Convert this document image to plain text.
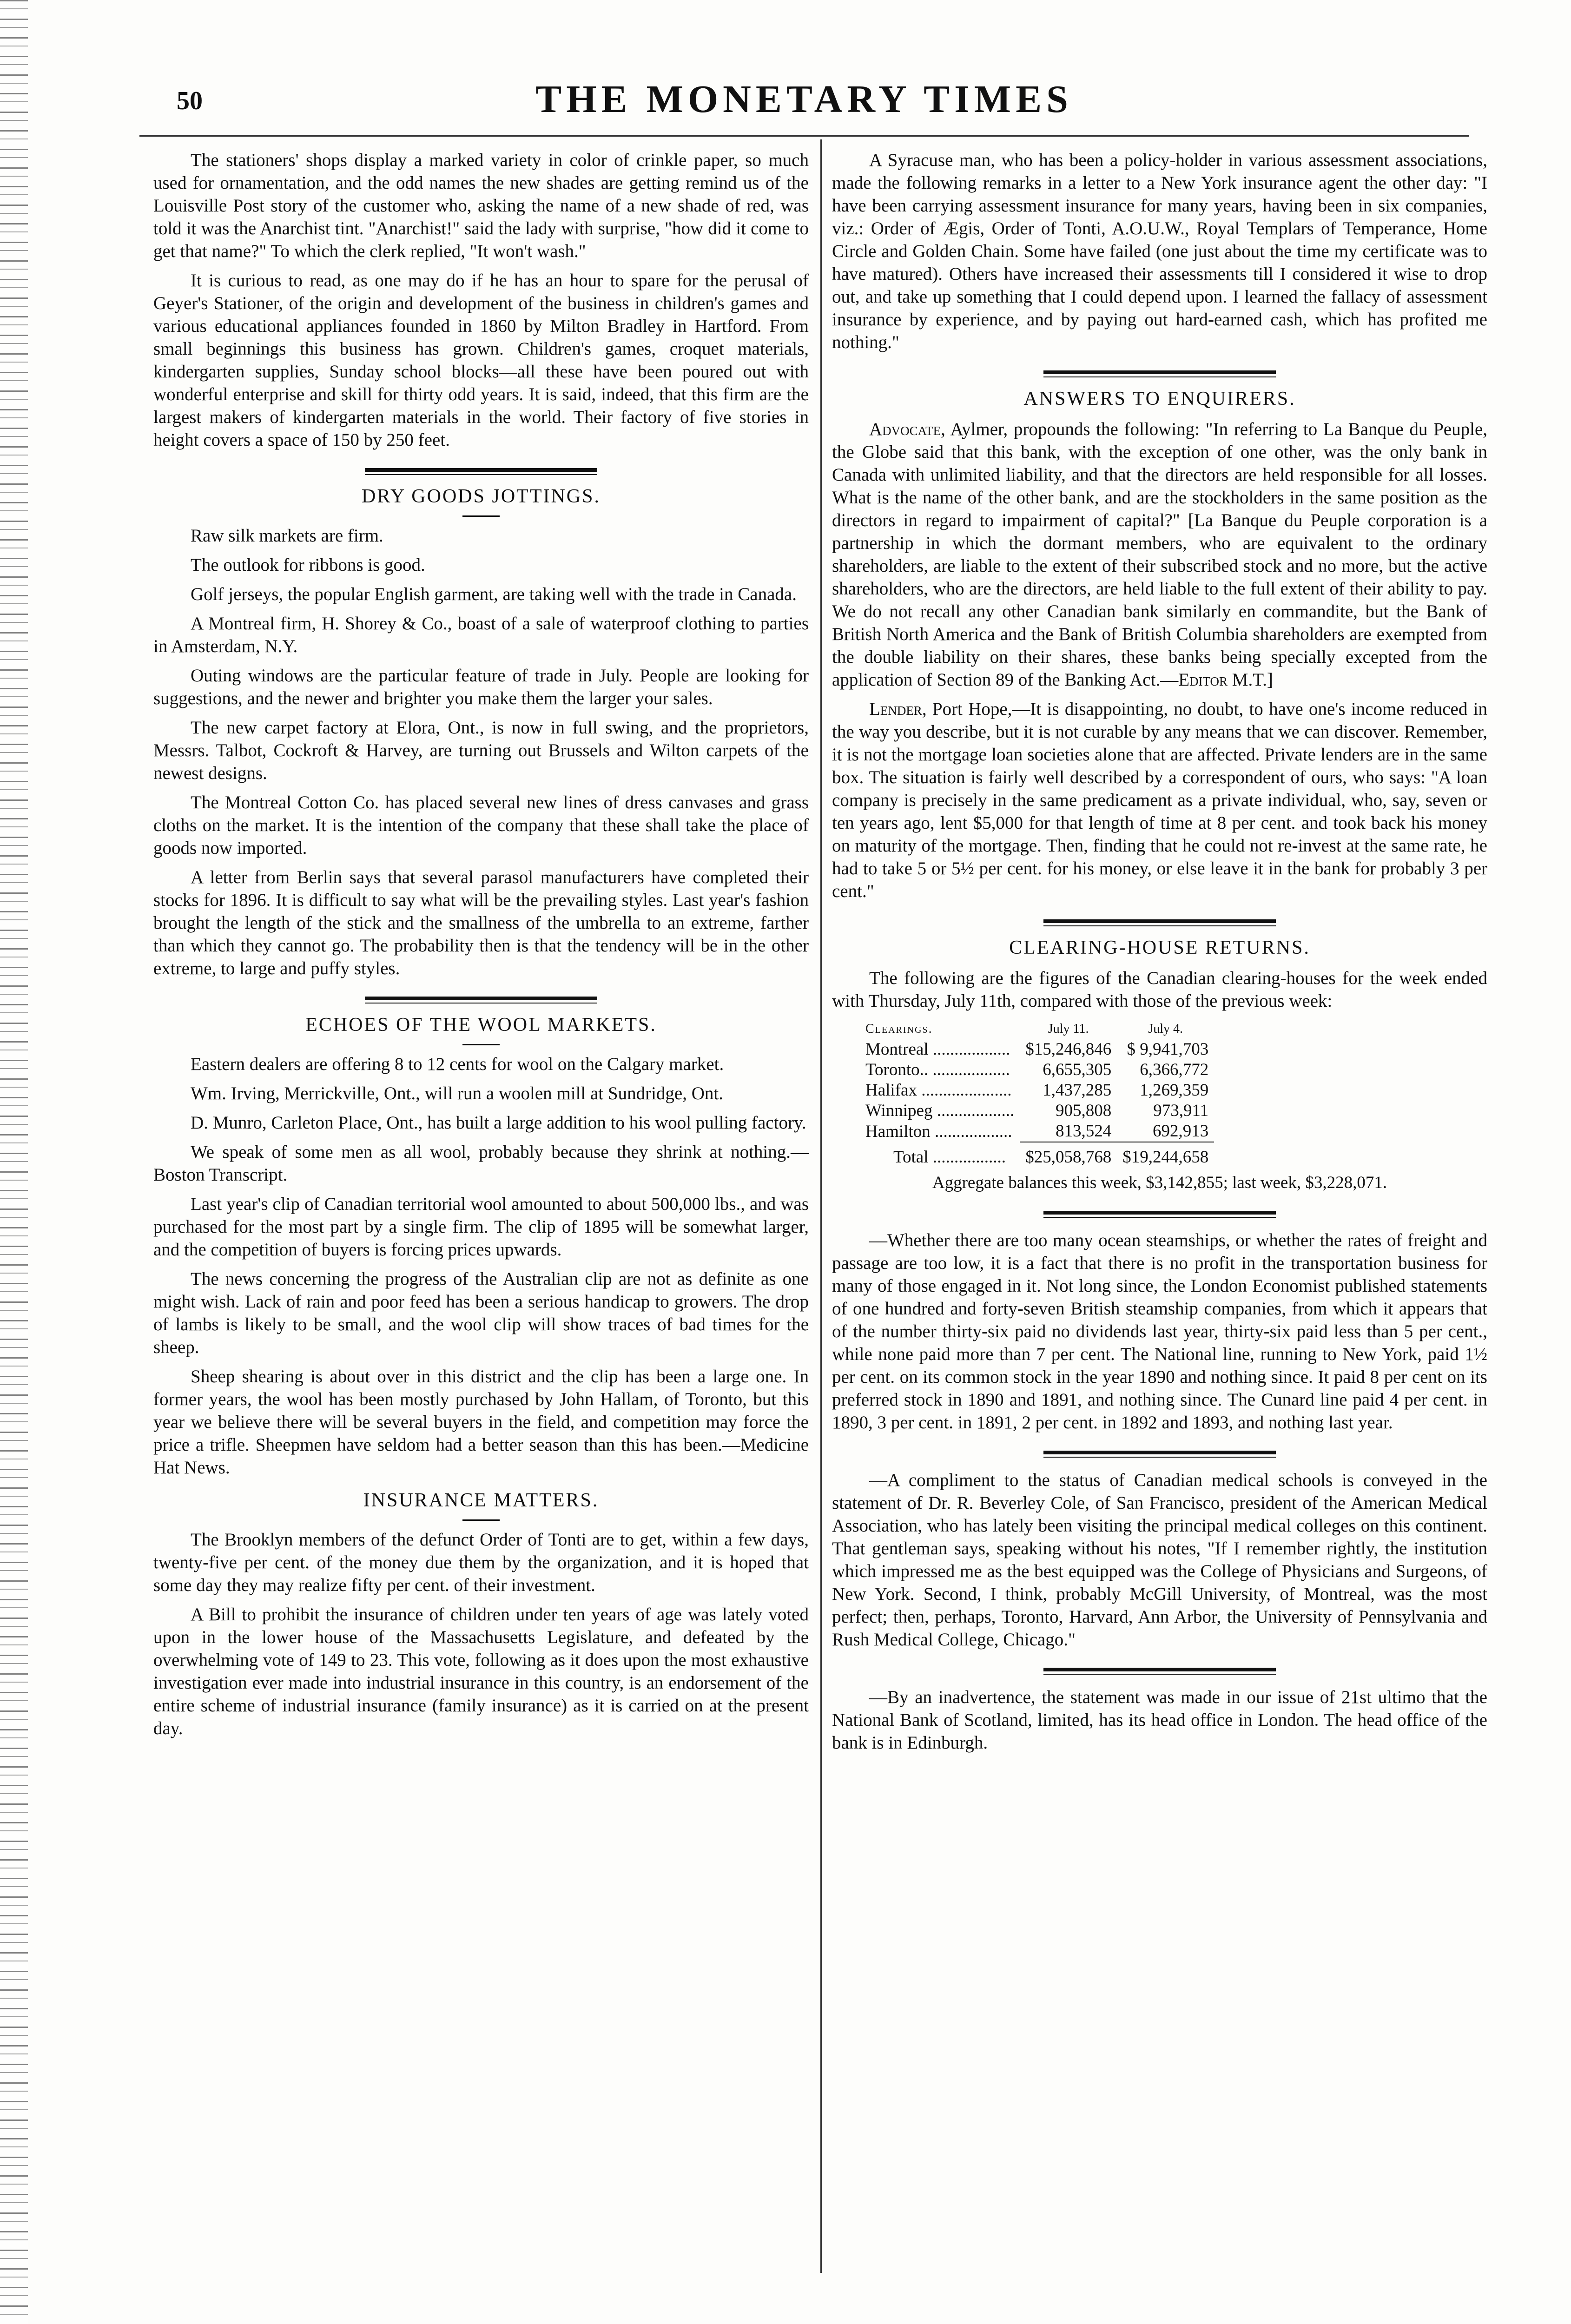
THE MONETARY TIMES
50

The stationers' shops display a marked variety in color of crinkle paper, so much used for ornamentation, and the odd names the new shades are getting remind us of the Louisville Post story of the customer who, asking the name of a new shade of red, was told it was the Anarchist tint. "Anarchist!" said the lady with surprise, "how did it come to get that name?" To which the clerk replied, "It won't wash."

It is curious to read, as one may do if he has an hour to spare for the perusal of Geyer's Stationer, of the origin and development of the business in children's games and various educational appliances founded in 1860 by Milton Bradley in Hartford. From small beginnings this business has grown. Children's games, croquet materials, kindergarten supplies, Sunday school blocks—all these have been poured out with wonderful enterprise and skill for thirty odd years. It is said, indeed, that this firm are the largest makers of kindergarten materials in the world. Their factory of five stories in height covers a space of 150 by 250 feet.

DRY GOODS JOTTINGS.

Raw silk markets are firm.

The outlook for ribbons is good.

Golf jerseys, the popular English garment, are taking well with the trade in Canada.

A Montreal firm, H. Shorey & Co., boast of a sale of waterproof clothing to parties in Amsterdam, N.Y.

Outing windows are the particular feature of trade in July. People are looking for suggestions, and the newer and brighter you make them the larger your sales.

The new carpet factory at Elora, Ont., is now in full swing, and the proprietors, Messrs. Talbot, Cockroft & Harvey, are turning out Brussels and Wilton carpets of the newest designs.

The Montreal Cotton Co. has placed several new lines of dress canvases and grass cloths on the market. It is the intention of the company that these shall take the place of goods now imported.

A letter from Berlin says that several parasol manufacturers have completed their stocks for 1896. It is difficult to say what will be the prevailing styles. Last year's fashion brought the length of the stick and the smallness of the umbrella to an extreme, farther than which they cannot go. The probability then is that the tendency will be in the other extreme, to large and puffy styles.

ECHOES OF THE WOOL MARKETS.

Eastern dealers are offering 8 to 12 cents for wool on the Calgary market.

Wm. Irving, Merrickville, Ont., will run a woolen mill at Sundridge, Ont.

D. Munro, Carleton Place, Ont., has built a large addition to his wool pulling factory.

We speak of some men as all wool, probably because they shrink at nothing.—Boston Transcript.

Last year's clip of Canadian territorial wool amounted to about 500,000 lbs., and was purchased for the most part by a single firm. The clip of 1895 will be somewhat larger, and the competition of buyers is forcing prices upwards.

The news concerning the progress of the Australian clip are not as definite as one might wish. Lack of rain and poor feed has been a serious handicap to growers. The drop of lambs is likely to be small, and the wool clip will show traces of bad times for the sheep.

Sheep shearing is about over in this district and the clip has been a large one. In former years, the wool has been mostly purchased by John Hallam, of Toronto, but this year we believe there will be several buyers in the field, and competition may force the price a trifle. Sheepmen have seldom had a better season than this has been.—Medicine Hat News.

INSURANCE MATTERS.

The Brooklyn members of the defunct Order of Tonti are to get, within a few days, twenty-five per cent. of the money due them by the organization, and it is hoped that some day they may realize fifty per cent. of their investment.

A Bill to prohibit the insurance of children under ten years of age was lately voted upon in the lower house of the Massachusetts Legislature, and defeated by the overwhelming vote of 149 to 23. This vote, following as it does upon the most exhaustive investigation ever made into industrial insurance in this country, is an endorsement of the entire scheme of industrial insurance (family insurance) as it is carried on at the present day.

A Syracuse man, who has been a policy-holder in various assessment associations, made the following remarks in a letter to a New York insurance agent the other day: "I have been carrying assessment insurance for many years, having been in six companies, viz.: Order of Ægis, Order of Tonti, A.O.U.W., Royal Templars of Temperance, Home Circle and Golden Chain. Some have failed (one just about the time my certificate was to have matured). Others have increased their assessments till I considered it wise to drop out, and take up something that I could depend upon. I learned the fallacy of assessment insurance by experience, and by paying out hard-earned cash, which has profited me nothing."

ANSWERS TO ENQUIRERS.

Advocate, Aylmer, propounds the following: "In referring to La Banque du Peuple, the Globe said that this bank, with the exception of one other, was the only bank in Canada with unlimited liability, and that the directors are held responsible for all losses. What is the name of the other bank, and are the stockholders in the same position as the directors in regard to impairment of capital?" [La Banque du Peuple corporation is a partnership in which the dormant members, who are equivalent to the ordinary shareholders, are liable to the extent of their subscribed stock and no more, but the active shareholders, who are the directors, are held liable to the full extent of their ability to pay. We do not recall any other Canadian bank similarly en commandite, but the Bank of British North America and the Bank of British Columbia shareholders are exempted from the double liability on their shares, these banks being specially excepted from the application of Section 89 of the Banking Act.—Editor M.T.]

Lender, Port Hope,—It is disappointing, no doubt, to have one's income reduced in the way you describe, but it is not curable by any means that we can discover. Remember, it is not the mortgage loan societies alone that are affected. Private lenders are in the same box. The situation is fairly well described by a correspondent of ours, who says: "A loan company is precisely in the same predicament as a private individual, who, say, seven or ten years ago, lent $5,000 for that length of time at 8 per cent. and took back his money on maturity of the mortgage. Then, finding that he could not re-invest at the same rate, he had to take 5 or 5½ per cent. for his money, or else leave it in the bank for probably 3 per cent."

CLEARING-HOUSE RETURNS.

The following are the figures of the Canadian clearing-houses for the week ended with Thursday, July 11th, compared with those of the previous week:

Clearings.	July 11.	July 4.
Montreal ..................	$15,246,846	$ 9,941,703
Toronto.. ..................	6,655,305	6,366,772
Halifax .....................	1,437,285	1,269,359
Winnipeg ..................	905,808	973,911
Hamilton ..................	813,524	692,913
Total .................	$25,058,768	$19,244,658
Aggregate balances this week, $3,142,855; last week, $3,228,071.

—Whether there are too many ocean steamships, or whether the rates of freight and passage are too low, it is a fact that there is no profit in the transportation business for many of those engaged in it. Not long since, the London Economist published statements of one hundred and forty-seven British steamship companies, from which it appears that of the number thirty-six paid no dividends last year, thirty-six paid less than 5 per cent., while none paid more than 7 per cent. The National line, running to New York, paid 1½ per cent. on its common stock in the year 1890 and nothing since. It paid 8 per cent on its preferred stock in 1890 and 1891, and nothing since. The Cunard line paid 4 per cent. in 1890, 3 per cent. in 1891, 2 per cent. in 1892 and 1893, and nothing last year.

—A compliment to the status of Canadian medical schools is conveyed in the statement of Dr. R. Beverley Cole, of San Francisco, president of the American Medical Association, who has lately been visiting the principal medical colleges on this continent. That gentleman says, speaking without his notes, "If I remember rightly, the institution which impressed me as the best equipped was the College of Physicians and Surgeons, of New York. Second, I think, probably McGill University, of Montreal, was the most perfect; then, perhaps, Toronto, Harvard, Ann Arbor, the University of Pennsylvania and Rush Medical College, Chicago."

—By an inadvertence, the statement was made in our issue of 21st ultimo that the National Bank of Scotland, limited, has its head office in London. The head office of the bank is in Edinburgh.
